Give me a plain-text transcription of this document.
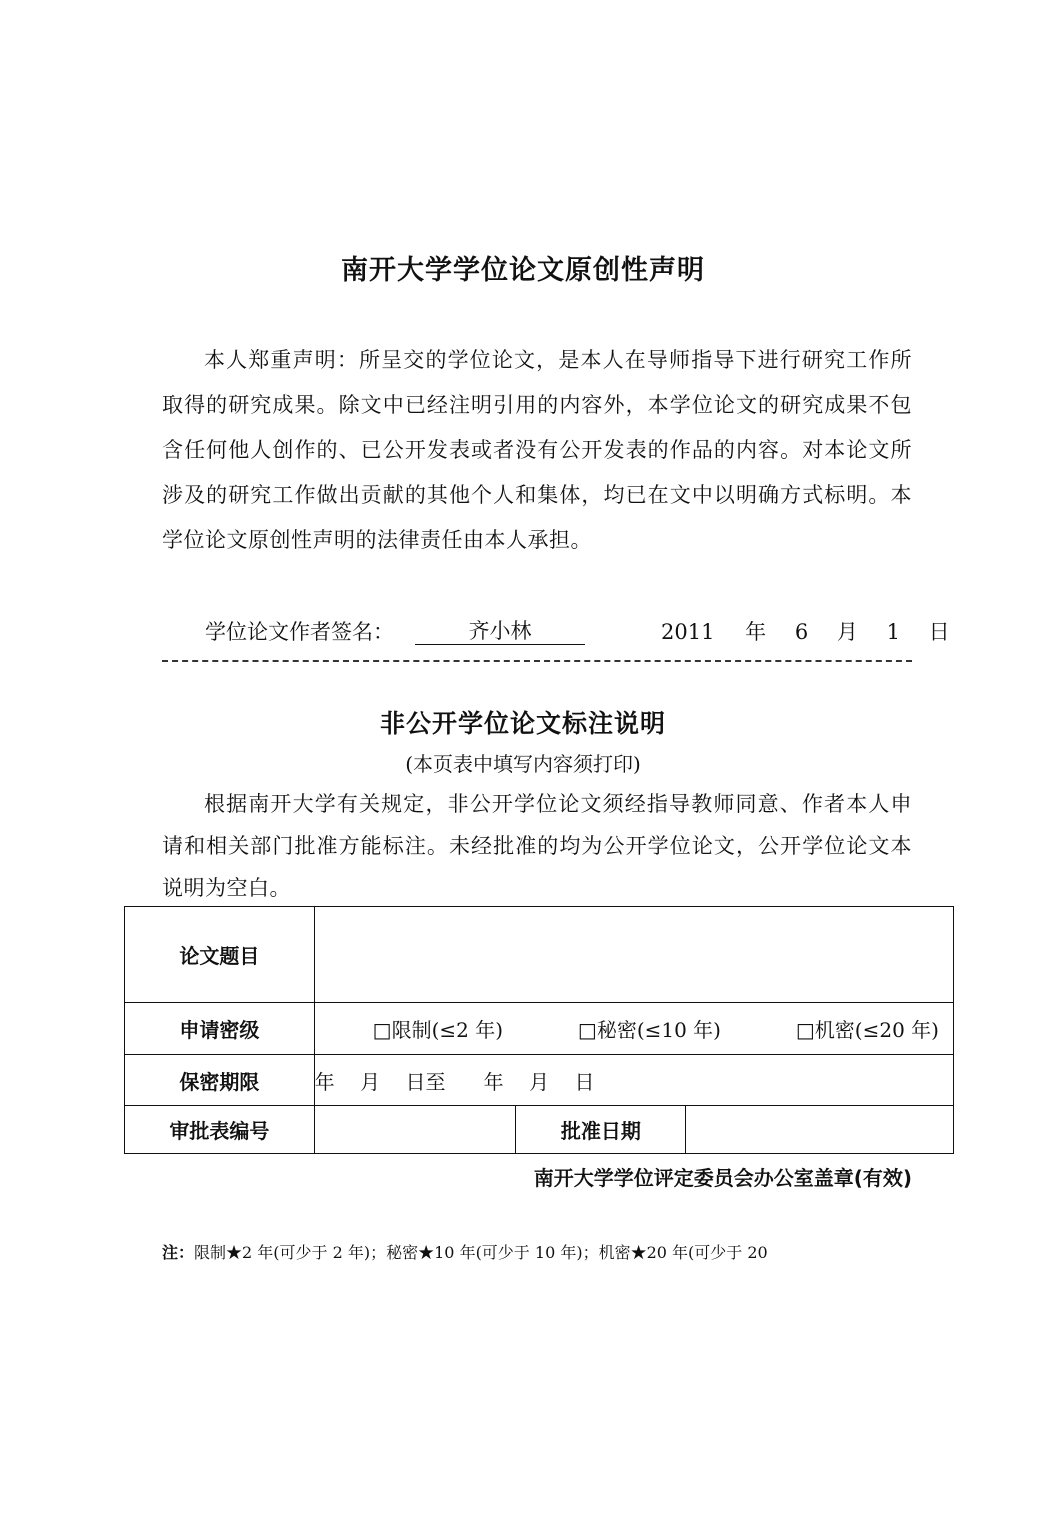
南开大学学位论文原创性声明
本人郑重声明：所呈交的学位论文，是本人在导师指导下进行研究工作所取得的研究成果。除文中已经注明引用的内容外，本学位论文的研究成果不包含任何他人创作的、已公开发表或者没有公开发表的作品的内容。对本论文所涉及的研究工作做出贡献的其他个人和集体，均已在文中以明确方式标明。本学位论文原创性声明的法律责任由本人承担。
学位论文作者签名：	齐小林	2011 年 6 月 1 日
非公开学位论文标注说明
(本页表中填写内容须打印)
根据南开大学有关规定，非公开学位论文须经指导教师同意、作者本人申请和相关部门批准方能标注。未经批准的均为公开学位论文，公开学位论文本说明为空白。
论文题目			
申请密级	□限制(≤2 年) □秘密(≤10 年) □机密(≤20 年)		

保密期限	年    月    日至      年    月    日		
审批表编号		批准日期	
南开大学学位评定委员会办公室盖章(有效)
注：限制★2 年(可少于 2 年)；秘密★10 年(可少于 10 年)；机密★20 年(可少于 20
